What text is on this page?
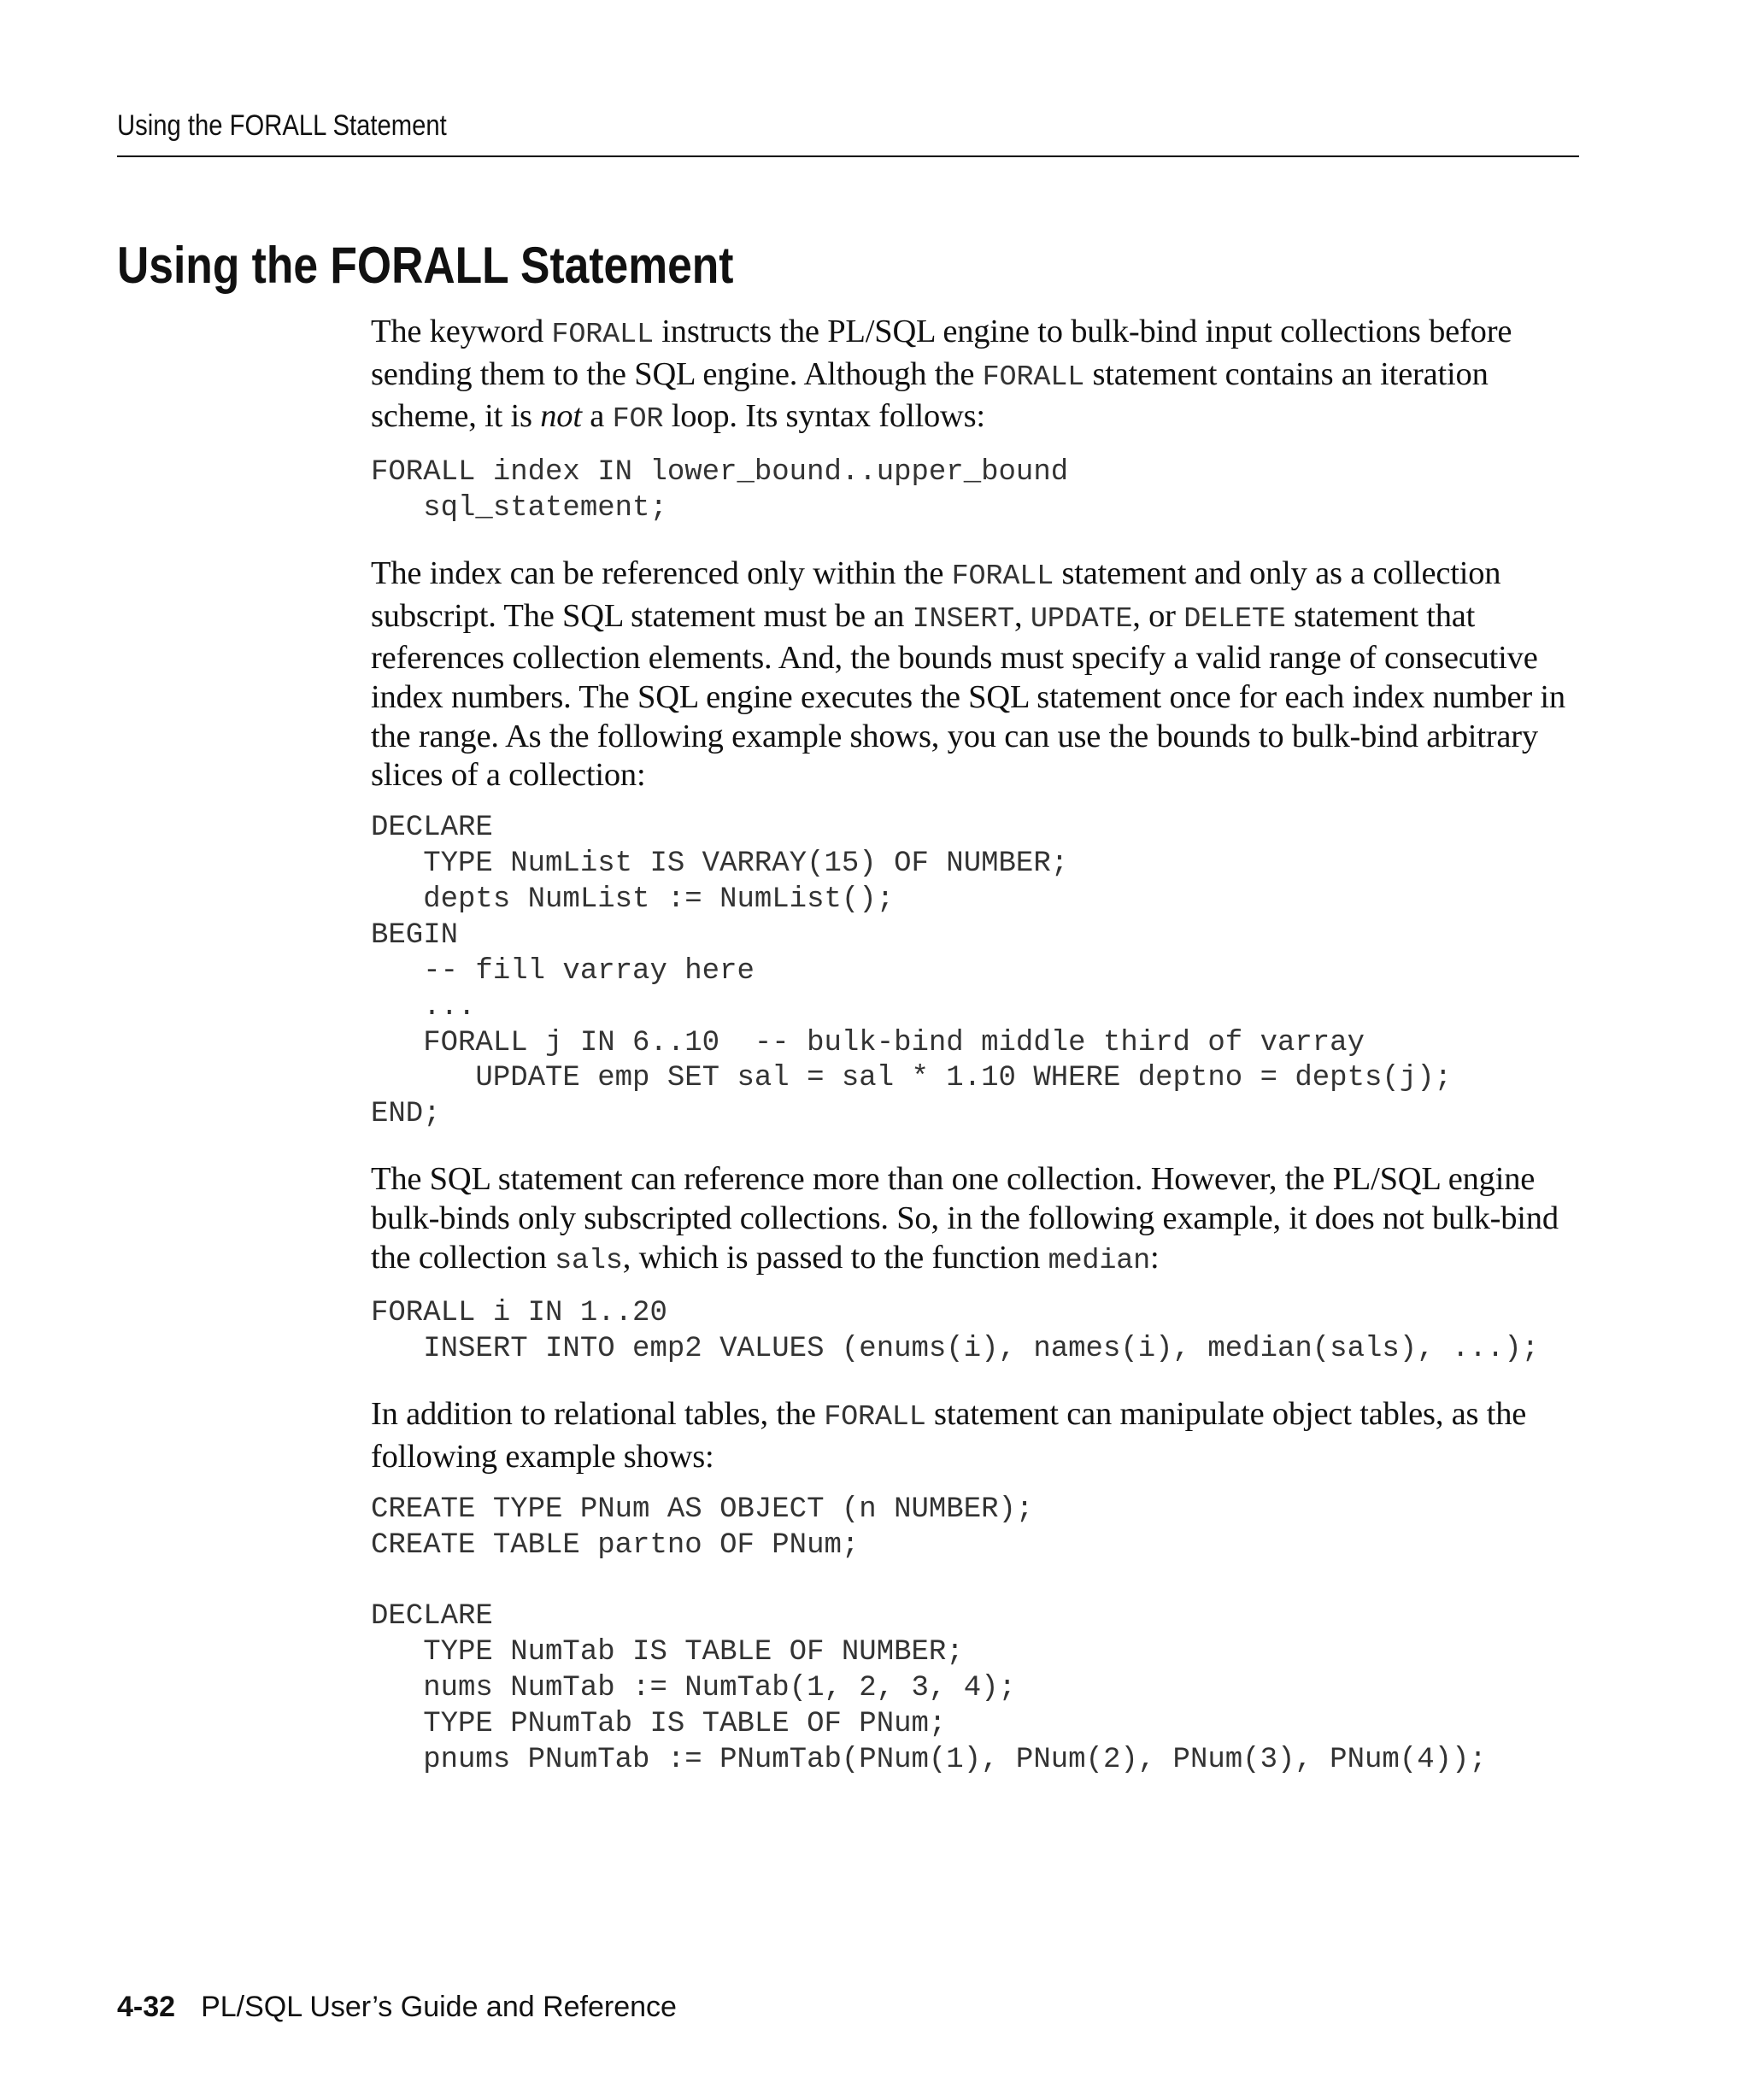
Using the FORALL Statement
Using the FORALL Statement

The keyword FORALL instructs the PL/SQL engine to bulk-bind input collections before sending them to the SQL engine. Although the FORALL statement contains an iteration scheme, it is not a FOR loop. Its syntax follows:

FORALL index IN lower_bound..upper_bound
sql_statement;

The index can be referenced only within the FORALL statement and only as a collection subscript. The SQL statement must be an INSERT, UPDATE, or DELETE statement that references collection elements. And, the bounds must specify a valid range of consecutive index numbers. The SQL engine executes the SQL statement once for each index number in the range. As the following example shows, you can use the bounds to bulk-bind arbitrary slices of a collection:

DECLARE
TYPE NumList IS VARRAY(15) OF NUMBER;
depts NumList := NumList();
BEGIN
-- fill varray here
...
FORALL j IN 6..10  -- bulk-bind middle third of varray
UPDATE emp SET sal = sal * 1.10 WHERE deptno = depts(j);
END;

The SQL statement can reference more than one collection. However, the PL/SQL engine bulk-binds only subscripted collections. So, in the following example, it does not bulk-bind the collection sals, which is passed to the function median:

FORALL i IN 1..20
INSERT INTO emp2 VALUES (enums(i), names(i), median(sals), ...);

In addition to relational tables, the FORALL statement can manipulate object tables, as the following example shows:

CREATE TYPE PNum AS OBJECT (n NUMBER);
CREATE TABLE partno OF PNum;

DECLARE
TYPE NumTab IS TABLE OF NUMBER;
nums NumTab := NumTab(1, 2, 3, 4);
TYPE PNumTab IS TABLE OF PNum;
pnums PNumTab := PNumTab(PNum(1), PNum(2), PNum(3), PNum(4));
4-32 PL/SQL User’s Guide and Reference
